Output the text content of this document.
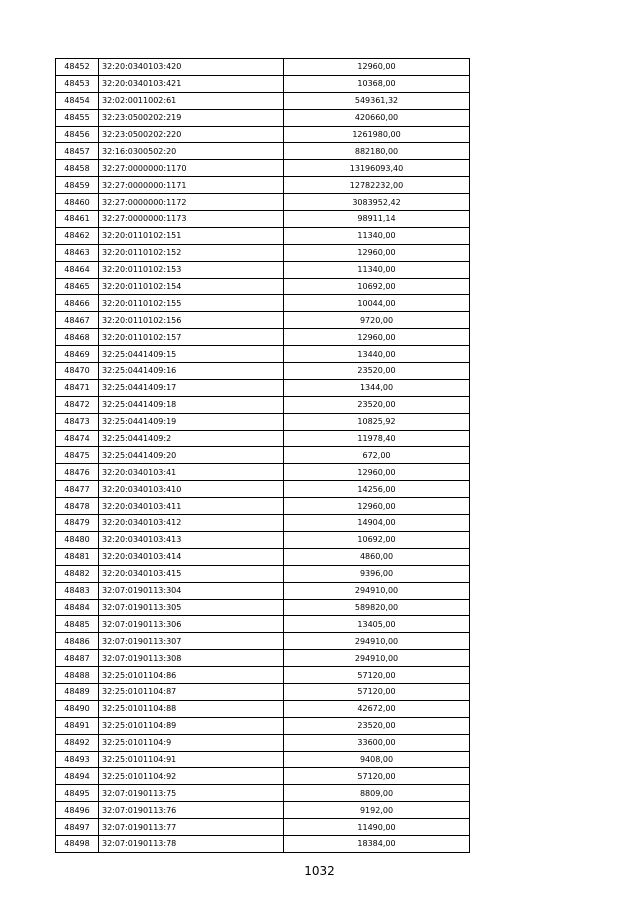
48452	32:20:0340103:420	12960,00
48453	32:20:0340103:421	10368,00
48454	32:02:0011002:61	549361,32
48455	32:23:0500202:219	420660,00
48456	32:23:0500202:220	1261980,00
48457	32:16:0300502:20	882180,00
48458	32:27:0000000:1170	13196093,40
48459	32:27:0000000:1171	12782232,00
48460	32:27:0000000:1172	3083952,42
48461	32:27:0000000:1173	98911,14
48462	32:20:0110102:151	11340,00
48463	32:20:0110102:152	12960,00
48464	32:20:0110102:153	11340,00
48465	32:20:0110102:154	10692,00
48466	32:20:0110102:155	10044,00
48467	32:20:0110102:156	9720,00
48468	32:20:0110102:157	12960,00
48469	32:25:0441409:15	13440,00
48470	32:25:0441409:16	23520,00
48471	32:25:0441409:17	1344,00
48472	32:25:0441409:18	23520,00
48473	32:25:0441409:19	10825,92
48474	32:25:0441409:2	11978,40
48475	32:25:0441409:20	672,00
48476	32:20:0340103:41	12960,00
48477	32:20:0340103:410	14256,00
48478	32:20:0340103:411	12960,00
48479	32:20:0340103:412	14904,00
48480	32:20:0340103:413	10692,00
48481	32:20:0340103:414	4860,00
48482	32:20:0340103:415	9396,00
48483	32:07:0190113:304	294910,00
48484	32:07:0190113:305	589820,00
48485	32:07:0190113:306	13405,00
48486	32:07:0190113:307	294910,00
48487	32:07:0190113:308	294910,00
48488	32:25:0101104:86	57120,00
48489	32:25:0101104:87	57120,00
48490	32:25:0101104:88	42672,00
48491	32:25:0101104:89	23520,00
48492	32:25:0101104:9	33600,00
48493	32:25:0101104:91	9408,00
48494	32:25:0101104:92	57120,00
48495	32:07:0190113:75	8809,00
48496	32:07:0190113:76	9192,00
48497	32:07:0190113:77	11490,00
48498	32:07:0190113:78	18384,00
1032
